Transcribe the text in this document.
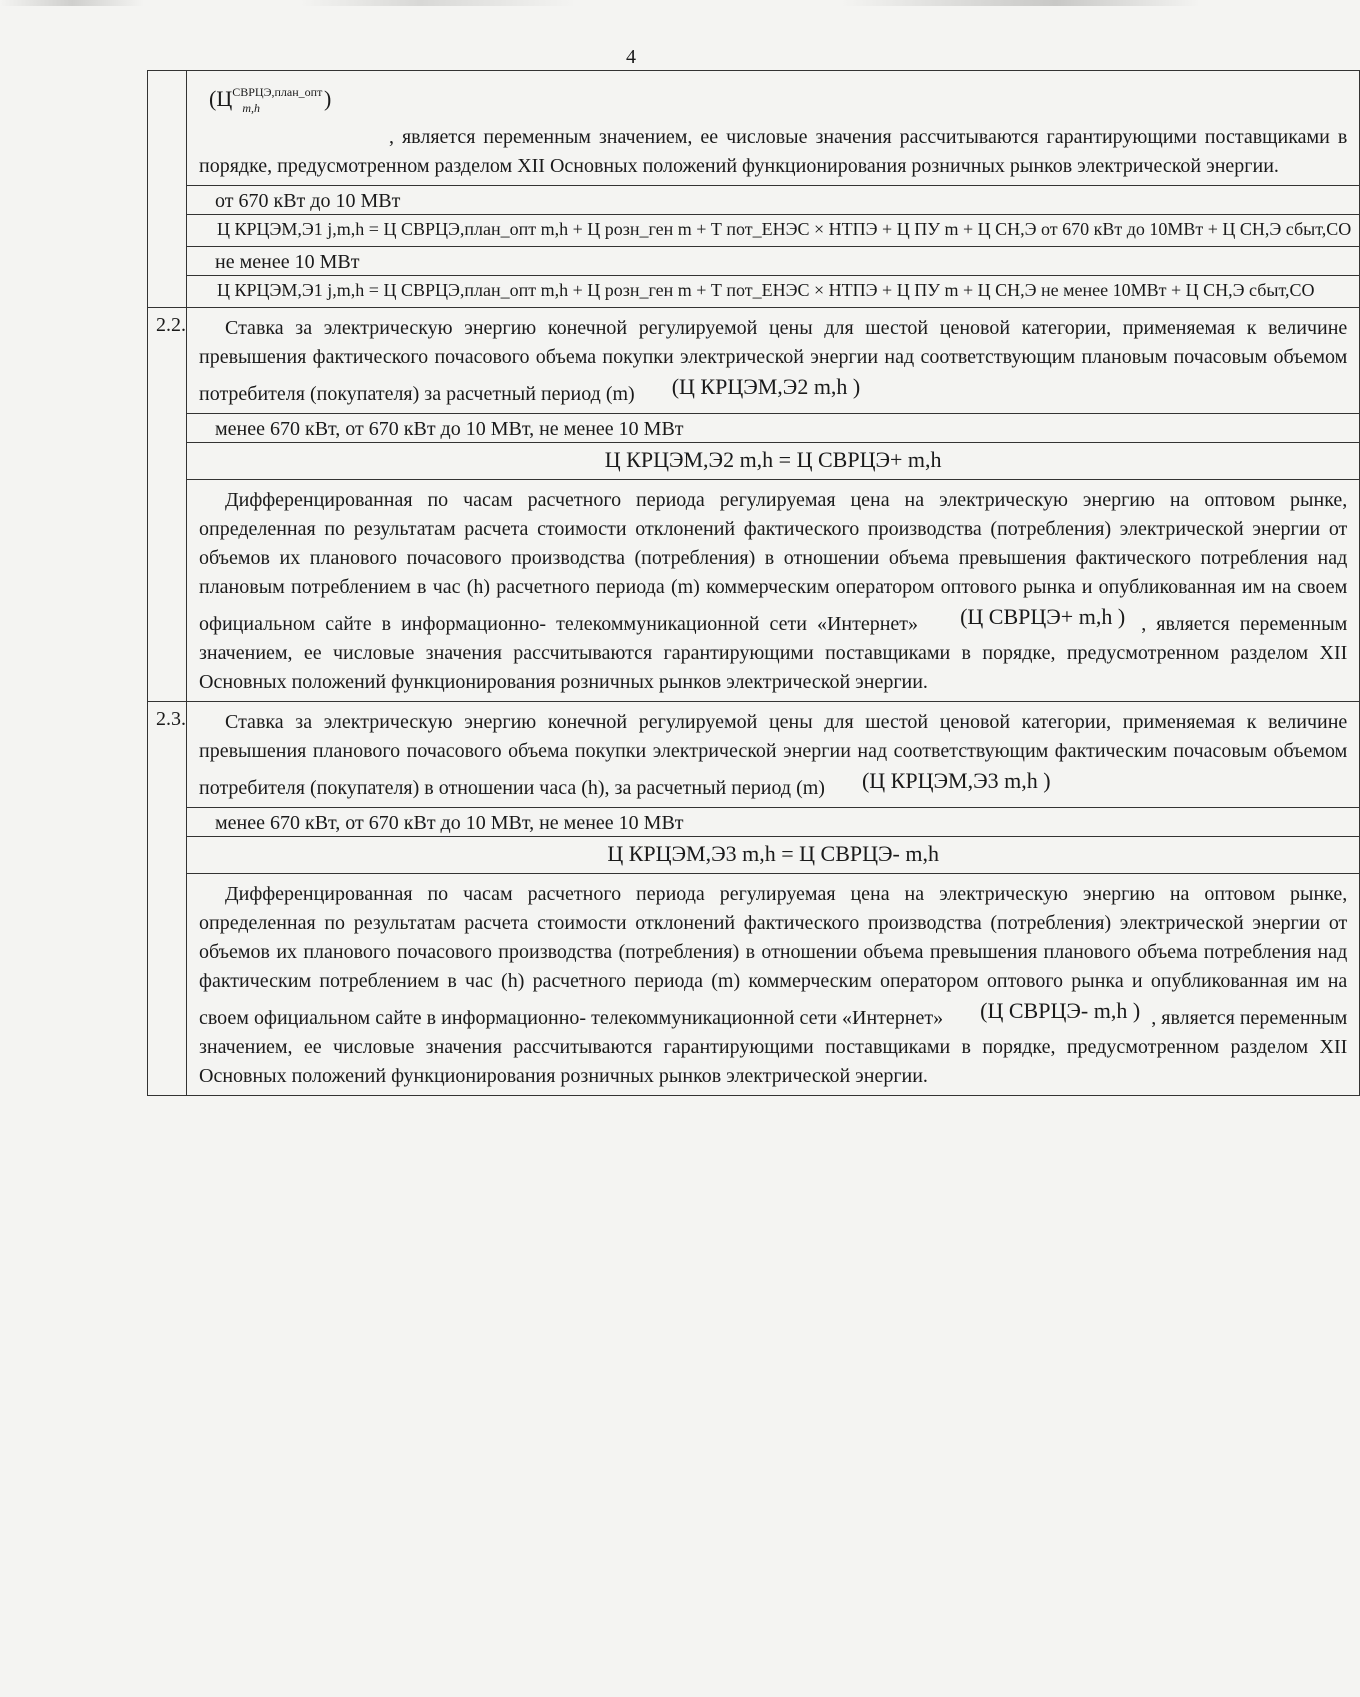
4

	($Ц^{СВРЦЭ,план\_опт}_{m,h}$ )
, является переменным значением, ее числовые значения рассчитываются гарантирующими поставщиками в порядке, предусмотренном разделом XII Основных положений функционирования розничных рынков электрической энергии.

	от 670 кВт до 10 МВт
	Ц КРЦЭМ,Э1 j,m,h = Ц СВРЦЭ,план_опт m,h + Ц розн_ген m + Т пот_ЕНЭС × НТПЭ + Ц ПУ m + Ц СН,Э от 670 кВт до 10МВт + Ц СН,Э сбыт,СО
	не менее 10 МВт
	Ц КРЦЭМ,Э1 j,m,h = Ц СВРЦЭ,план_опт m,h + Ц розн_ген m + Т пот_ЕНЭС × НТПЭ + Ц ПУ m + Ц СН,Э не менее 10МВт + Ц СН,Э сбыт,СО
2.2.	Ставка за электрическую энергию конечной регулируемой цены для шестой ценовой категории, применяемая к величине превышения фактического почасового объема покупки электрической энергии над соответствующим плановым почасовым объемом потребителя (покупателя) за расчетный период (m) (Ц КРЦЭМ,Э2 m,h )
	менее 670 кВт, от 670 кВт до 10 МВт, не менее 10 МВт
	Ц КРЦЭМ,Э2 m,h = Ц СВРЦЭ+ m,h
	Дифференцированная по часам расчетного периода регулируемая цена на электрическую энергию на оптовом рынке, определенная по результатам расчета стоимости отклонений фактического производства (потребления) электрической энергии от объемов их планового почасового производства (потребления) в отношении объема превышения фактического потребления над плановым потреблением в час (h) расчетного периода (m) коммерческим оператором оптового рынка и опубликованная им на своем официальном сайте в информационно- телекоммуникационной сети «Интернет» (Ц СВРЦЭ+ m,h ) , является переменным значением, ее числовые значения рассчитываются гарантирующими поставщиками в порядке, предусмотренном разделом XII Основных положений функционирования розничных рынков электрической энергии.
2.3.	Ставка за электрическую энергию конечной регулируемой цены для шестой ценовой категории, применяемая к величине превышения планового почасового объема покупки электрической энергии над соответствующим фактическим почасовым объемом потребителя (покупателя) в отношении часа (h), за расчетный период (m) (Ц КРЦЭМ,Э3 m,h )
	менее 670 кВт, от 670 кВт до 10 МВт, не менее 10 МВт
	Ц КРЦЭМ,Э3 m,h = Ц СВРЦЭ- m,h
	Дифференцированная по часам расчетного периода регулируемая цена на электрическую энергию на оптовом рынке, определенная по результатам расчета стоимости отклонений фактического производства (потребления) электрической энергии от объемов их планового почасового производства (потребления) в отношении объема превышения планового объема потребления над фактическим потреблением в час (h) расчетного периода (m) коммерческим оператором оптового рынка и опубликованная им на своем официальном сайте в информационно- телекоммуникационной сети «Интернет» (Ц СВРЦЭ- m,h ) , является переменным значением, ее числовые значения рассчитываются гарантирующими поставщиками в порядке, предусмотренном разделом XII Основных положений функционирования розничных рынков электрической энергии.
